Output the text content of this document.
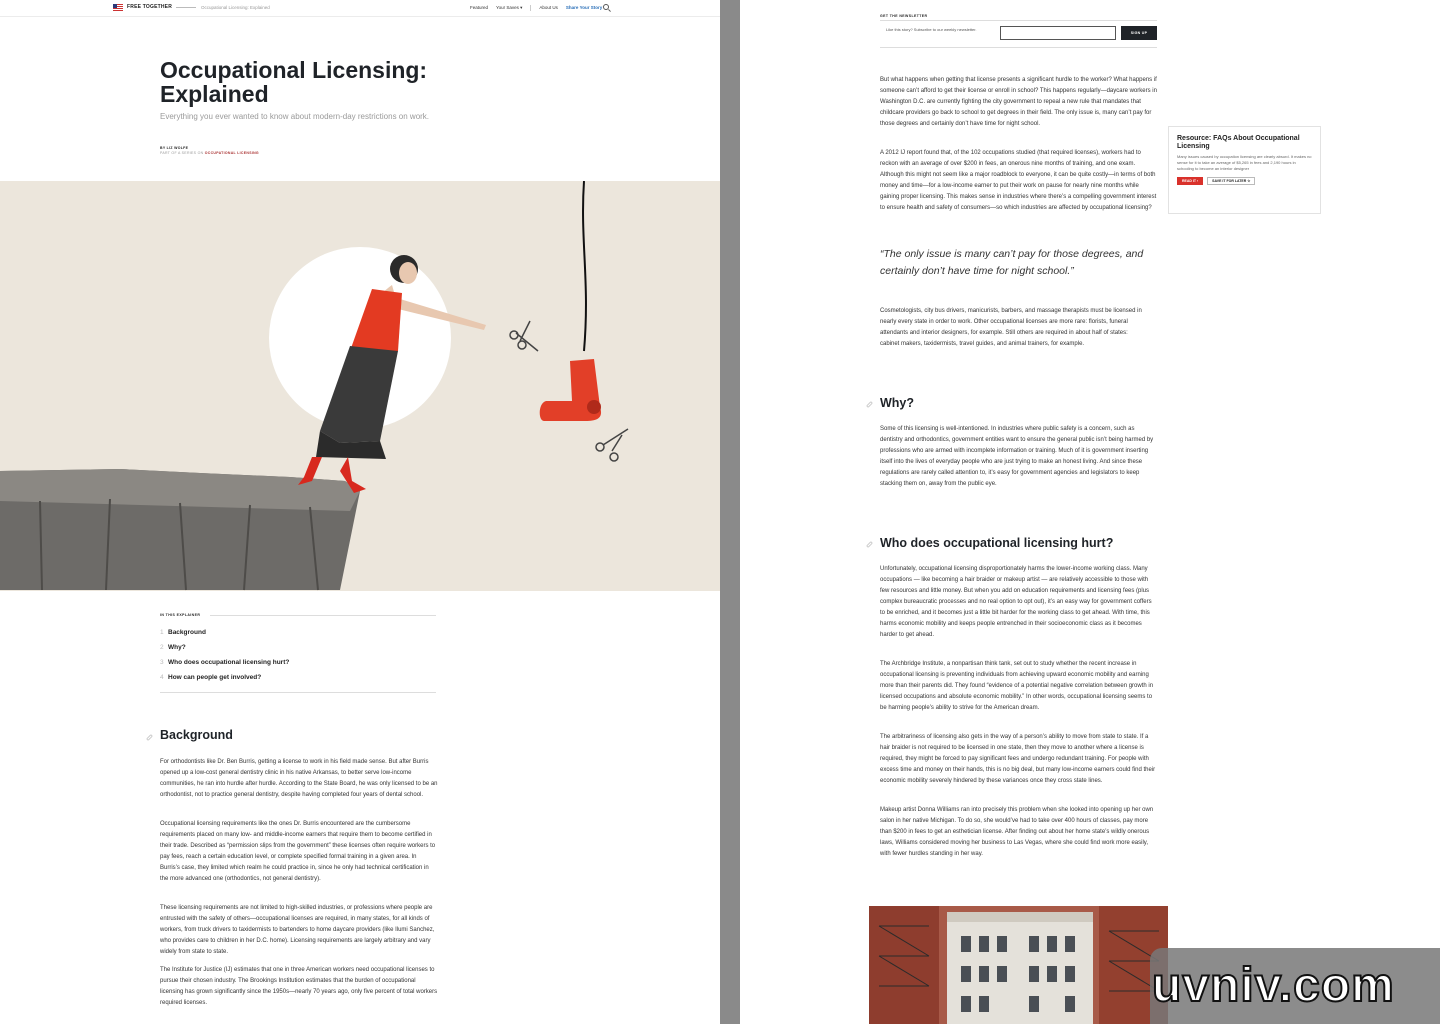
FREE TOGETHER	Occupational Licensing: Explained	Featured Your Saves ▾	About Us Share Your Story
Occupational Licensing: Explained

Everything you ever wanted to know about modern-day restrictions on work.

BY LIZ WOLFE
PART OF A SERIES ON OCCUPATIONAL LICENSING
IN THIS EXPLAINER
1 Background
2 Why?
3 Who does occupational licensing hurt?
4 How can people get involved?
Background

For orthodontists like Dr. Ben Burris, getting a license to work in his field made sense. But after Burris opened up a low-cost general dentistry clinic in his native Arkansas, to better serve low-income communities, he ran into hurdle after hurdle. According to the State Board, he was only licensed to be an orthodontist, not to practice general dentistry, despite having completed four years of dental school.

Occupational licensing requirements like the ones Dr. Burris encountered are the cumbersome requirements placed on many low- and middle-income earners that require them to become certified in their trade. Described as “permission slips from the government” these licenses often require workers to pay fees, reach a certain education level, or complete specified formal training in a given area. In Burris’s case, they limited which realm he could practice in, since he only had technical certification in the more advanced one (orthodontics, not general dentistry).

These licensing requirements are not limited to high-skilled industries, or professions where people are entrusted with the safety of others—occupational licenses are required, in many states, for all kinds of workers, from truck drivers to taxidermists to bartenders to home daycare providers (like Ilumi Sanchez, who provides care to children in her D.C. home). Licensing requirements are largely arbitrary and vary widely from state to state.

The Institute for Justice (IJ) estimates that one in three American workers need occupational licenses to pursue their chosen industry. The Brookings Institution estimates that the burden of occupational licensing has grown significantly since the 1950s—nearly 70 years ago, only five percent of total workers required licenses.

GET THE NEWSLETTER
Like this story? Subscribe to our weekly newsletter.
SIGN UP

But what happens when getting that license presents a significant hurdle to the worker? What happens if someone can’t afford to get their license or enroll in school? This happens regularly—daycare workers in Washington D.C. are currently fighting the city government to repeal a new rule that mandates that childcare providers go back to school to get degrees in their field. The only issue is, many can’t pay for those degrees and certainly don’t have time for night school.

A 2012 IJ report found that, of the 102 occupations studied (that required licenses), workers had to reckon with an average of over $200 in fees, an onerous nine months of training, and one exam. Although this might not seem like a major roadblock to everyone, it can be quite costly—in terms of both money and time—for a low-income earner to put their work on pause for nearly nine months while gaining proper licensing. This makes sense in industries where there’s a compelling government interest to ensure health and safety of consumers—so which industries are affected by occupational licensing?

“The only issue is many can’t pay for those degrees, and certainly don’t have time for night school.”

Cosmetologists, city bus drivers, manicurists, barbers, and massage therapists must be licensed in nearly every state in order to work. Other occupational licenses are more rare: florists, funeral attendants and interior designers, for example. Still others are required in about half of states: cabinet makers, taxidermists, travel guides, and animal trainers, for example.

Why?

Some of this licensing is well-intentioned. In industries where public safety is a concern, such as dentistry and orthodontics, government entities want to ensure the general public isn’t being harmed by professions who are armed with incomplete information or training. Much of it is government inserting itself into the lives of everyday people who are just trying to make an honest living. And since these regulations are rarely called attention to, it’s easy for government agencies and legislators to keep stacking them on, away from the public eye.

Who does occupational licensing hurt?

Unfortunately, occupational licensing disproportionately harms the lower-income working class. Many occupations — like becoming a hair braider or makeup artist — are relatively accessible to those with few resources and little money. But when you add on education requirements and licensing fees (plus complex bureaucratic processes and no real option to opt out), it’s an easy way for government coffers to be enriched, and it becomes just a little bit harder for the working class to get ahead. With time, this harms economic mobility and keeps people entrenched in their socioeconomic class as it becomes harder to get ahead.

The Archbridge Institute, a nonpartisan think tank, set out to study whether the recent increase in occupational licensing is preventing individuals from achieving upward economic mobility and earning more than their parents did. They found “evidence of a potential negative correlation between growth in licensed occupations and absolute economic mobility.” In other words, occupational licensing seems to be harming people’s ability to strive for the American dream.

The arbitrariness of licensing also gets in the way of a person’s ability to move from state to state. If a hair braider is not required to be licensed in one state, then they move to another where a license is required, they might be forced to pay significant fees and undergo redundant training. For people with excess time and money on their hands, this is no big deal, but many low-income earners could find their economic mobility severely hindered by these variances once they cross state lines.

Makeup artist Donna Williams ran into precisely this problem when she looked into opening up her own salon in her native Michigan. To do so, she would’ve had to take over 400 hours of classes, pay more than $200 in fees to get an esthetician license. After finding out about her home state’s wildly onerous laws, Williams considered moving her business to Las Vegas, where she could find work more easily, with fewer hurdles standing in her way.

Resource: FAQs About Occupational Licensing
Many issues caused by occupation licensing are clearly absurd. It makes no sense for it to take an average of $5,265 in fees and 2,190 hours in schooling to become an interior designer
READ IT ›	SAVE IT FOR LATER ☆
uvniv.com
